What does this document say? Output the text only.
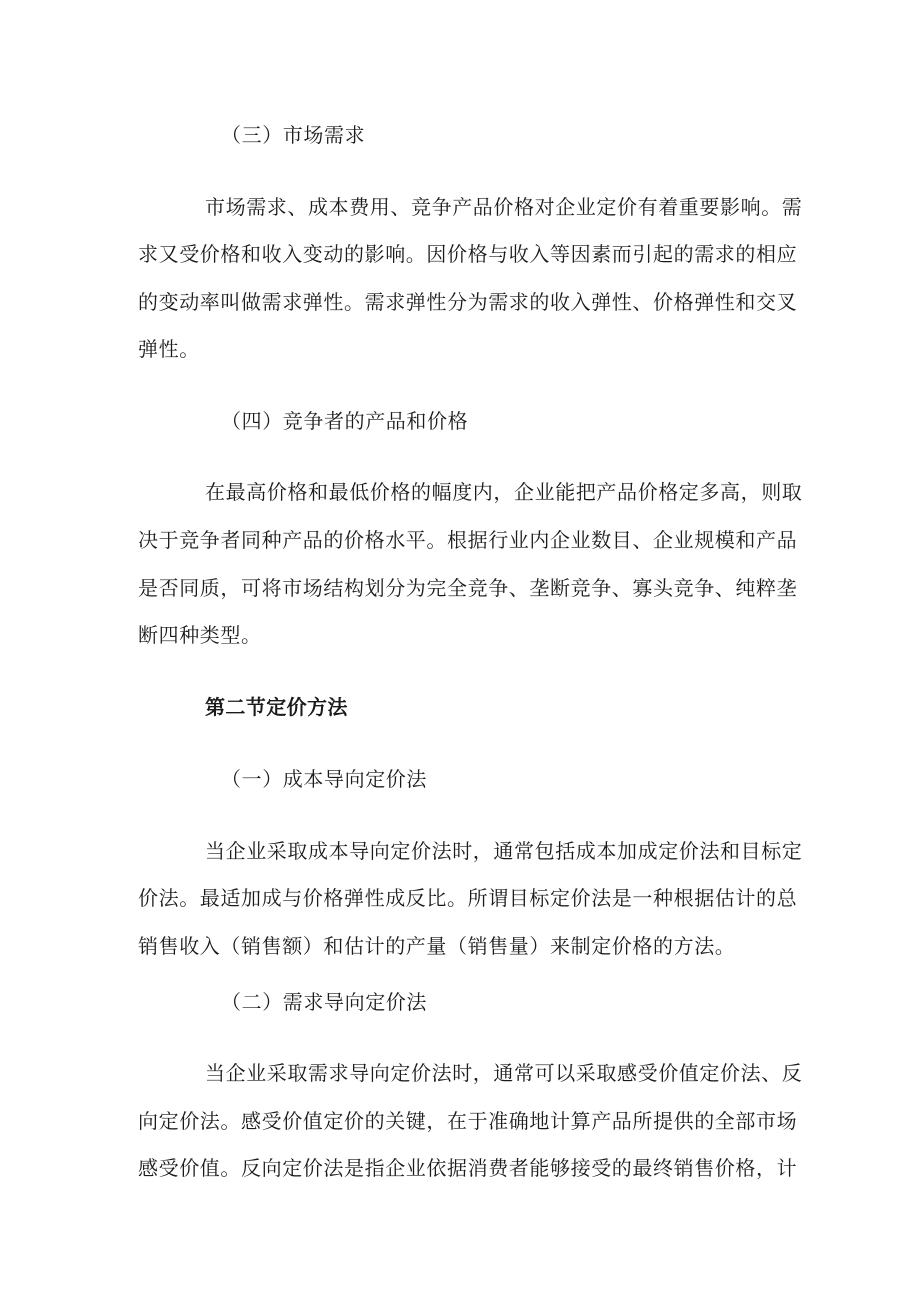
（三）市场需求
市场需求、成本费用、竞争产品价格对企业定价有着重要影响。需
求又受价格和收入变动的影响。因价格与收入等因素而引起的需求的相应
的变动率叫做需求弹性。需求弹性分为需求的收入弹性、价格弹性和交叉
弹性。
（四）竞争者的产品和价格
在最高价格和最低价格的幅度内，企业能把产品价格定多高，则取
决于竞争者同种产品的价格水平。根据行业内企业数目、企业规模和产品
是否同质，可将市场结构划分为完全竞争、垄断竞争、寡头竞争、纯粹垄
断四种类型。
第二节定价方法
（一）成本导向定价法
当企业采取成本导向定价法时，通常包括成本加成定价法和目标定
价法。最适加成与价格弹性成反比。所谓目标定价法是一种根据估计的总
销售收入（销售额）和估计的产量（销售量）来制定价格的方法。
（二）需求导向定价法
当企业采取需求导向定价法时，通常可以采取感受价值定价法、反
向定价法。感受价值定价的关键，在于准确地计算产品所提供的全部市场
感受价值。反向定价法是指企业依据消费者能够接受的最终销售价格，计
